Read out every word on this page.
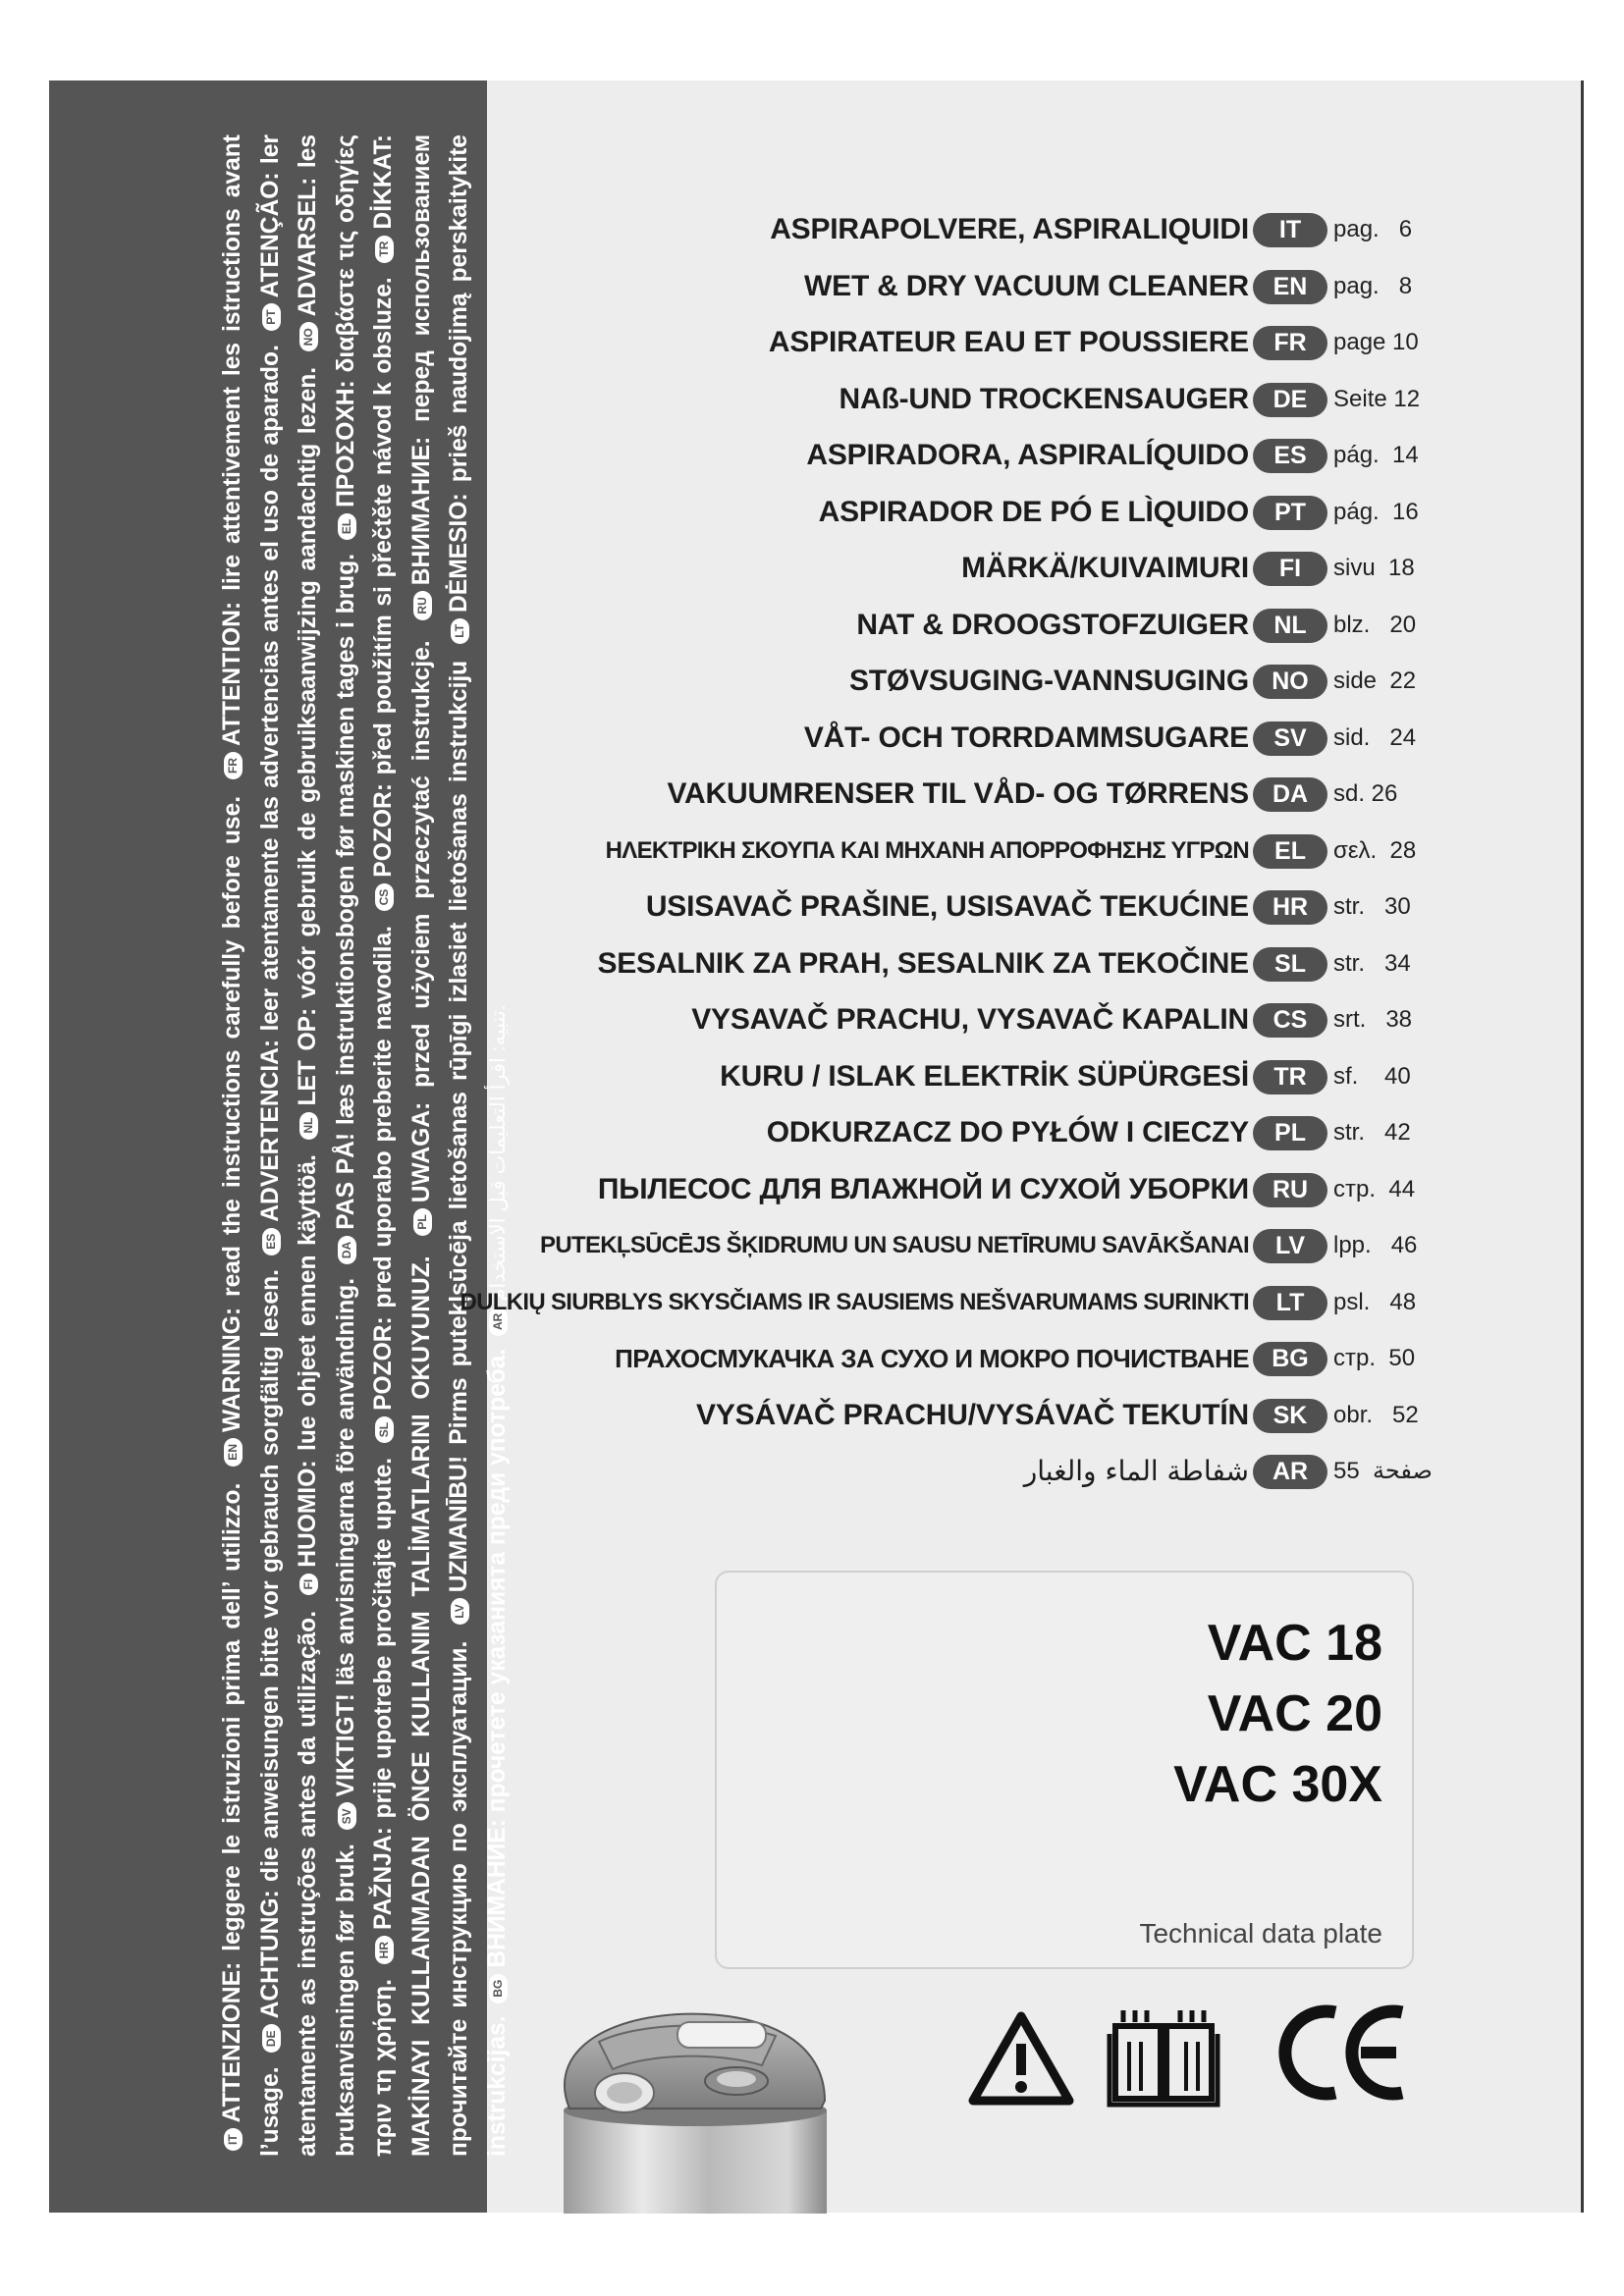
ITATTENZIONE: leggere le istruzioni prima dell’ utilizzo. ENWARNING: read the instructions carefully before use. FRATTENTION: lire attentivement les istructions avant l’usage. DEACHTUNG: die anweisungen bitte vor gebrauch sorgfältig lesen. ESADVERTENCIA: leer atentamente las advertencias antes el uso de aparado. PTATENÇÃO: ler atentamente as instruções antes da utilização. FIHUOMIO: lue ohjeet ennen käyttöä. NLLET OP: vóór gebruik de gebruiksaanwijzing aandachtig lezen. NOADVARSEL: les bruksanvisningen før bruk. SVVIKTIGT! läs anvisningarna före användning. DAPAS PÅ! læs instruktionsbogen før maskinen tages i brug. ELΠΡΟΣΟΧΗ: διαβάστε τις οδηγίες πριν τη χρήση. HRPAŽNJA: prije upotrebe pročitajte upute. SLPOZOR: pred uporabo preberite navodila. CSPOZOR: před použitím si přečtěte návod k obsluze. TRDİKKAT: MAKİNAYI KULLANMADAN ÖNCE KULLANIM TALİMATLARINI OKUYUNUZ. PLUWAGA: przed użyciem przeczytać instrukcje. RUВНИМАНИЕ: перед использованием прочитайте инструкцию по эксплуатации. LVUZMANĪBU! Pirms putekļsūcēja lietošanas rūpīgi izlasiet lietošanas instrukciju LTDĖMESIO: prieš naudojimą perskaitykite instrukcijas. BGВНИМАНИЕ: прочетете указанията преди употреба. ARتنبيه: اقرأ التعليمات قبل الاستخدام.

ASPIRAPOLVERE, ASPIRALIQUIDI	IT	pag.   6
WET & DRY VACUUM CLEANER EN	pag.   8
ASPIRATEUR EAU ET POUSSIERE	FR	page 10
NAß-UND TROCKENSAUGER DE	Seite 12
ASPIRADORA, ASPIRALÍQUIDO	ES	pág.  14
ASPIRADOR DE PÓ E LÌQUIDO	PT	pág.  16
MÄRKÄ/KUIVAIMURI	FI	sivu  18
NAT & DROOGSTOFZUIGER	NL	blz.   20
STØVSUGING-VANNSUGING NO	side  22
VÅT- OCH TORRDAMMSUGARE	SV	sid.   24
VAKUUMRENSER TIL VÅD- OG TØRRENS DA	sd. 26
ΗΛΕΚΤΡΙΚΗ ΣΚΟΥΠΑ ΚΑΙ ΜΗΧΑΝΗ ΑΠΟΡΡΟΦΗΣΗΣ ΥΓΡΩΝ	EL	σελ.  28
USISAVAČ PRAŠINE, USISAVAČ TEKUĆINE HR	str.   30
SESALNIK ZA PRAH, SESALNIK ZA TEKOČINE	SL	str.   34
VYSAVAČ PRACHU, VYSAVAČ KAPALIN CS	srt.   38
KURU / ISLAK ELEKTRİK SÜPÜRGESİ	TR	sf.    40
ODKURZACZ DO PYŁÓW I CIECZY	PL	str.   42
ПЫЛЕСОС ДЛЯ ВЛАЖНОЙ И СУХОЙ УБОРКИ RU	стр.  44
PUTEKĻSŪCĒJS ŠĶIDRUMU UN SAUSU NETĪRUMU SAVĀKŠANAI	LV	lpp.   46
DULKIŲ SIURBLYS SKYSČIAMS IR SAUSIEMS NEŠVARUMAMS SURINKTI	LT	psl.   48
ПРАХОСМУКАЧКА ЗА СУХО И МОКРО ПОЧИСТВАНЕ BG	стр.  50
VYSÁVAČ PRACHU/VYSÁVAČ TEKUTÍN SK	obr.   52
شفاطة الماء والغبار AR	صفحة  55
VAC 18
VAC 20
VAC 30X
Technical data plate
